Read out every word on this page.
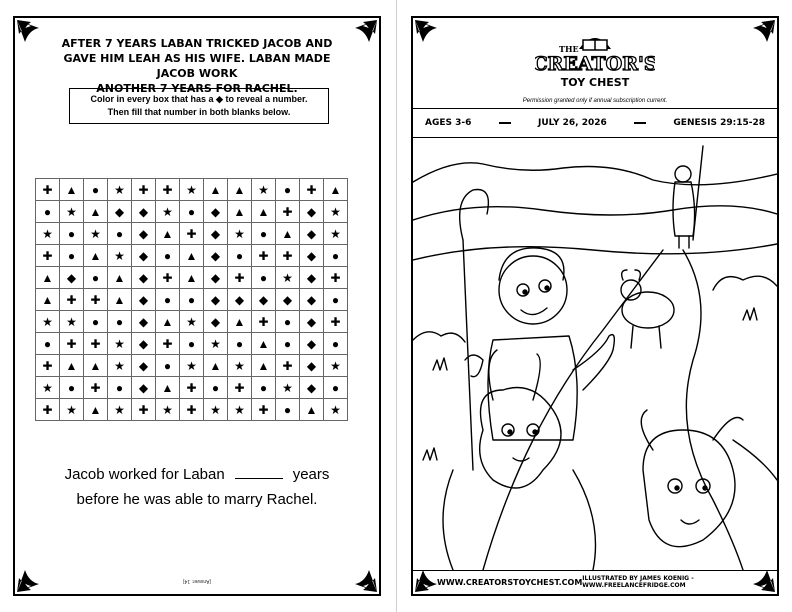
AFTER 7 YEARS LABAN TRICKED JACOB AND
GAVE HIM LEAH AS HIS WIFE. LABAN MADE JACOB WORK
ANOTHER 7 YEARS FOR RACHEL.
Color in every box that has a ◆ to reveal a number.
Then fill that number in both blanks below.
✚	▲	●	★	✚	✚	★	▲	▲	★	●	✚	▲
●	★	▲	◆	◆	★	●	◆	▲	▲	✚	◆	★
★	●	★	●	◆	▲	✚	◆	★	●	▲	◆	★
✚	●	▲	★	◆	●	▲	◆	●	✚	✚	◆	●
▲	◆	●	▲	◆	✚	▲	◆	✚	●	★	◆	✚
▲	✚	✚	▲	◆	●	●	◆	◆	◆	◆	◆	●
★	★	●	●	◆	▲	★	◆	▲	✚	●	◆	✚
●	✚	✚	★	◆	✚	●	★	●	▲	●	◆	●
✚	▲	▲	★	◆	●	★	▲	★	▲	✚	◆	★
★	●	✚	●	◆	▲	✚	●	✚	●	★	◆	●
✚	★	▲	★	✚	★	✚	★	★	✚	●	▲	★
Jacob worked for Laban	years
before he was able to marry Rachel.
[Answer: 14]
THE
CREATOR'S
TOY CHEST
Permission granted only if annual subscription current.
AGES 3-6	JULY 26, 2026	GENESIS 29:15-28
WWW.CREATORSTOYCHEST.COM ILLUSTRATED BY JAMES KOENIG - WWW.FREELANCEFRIDGE.COM
